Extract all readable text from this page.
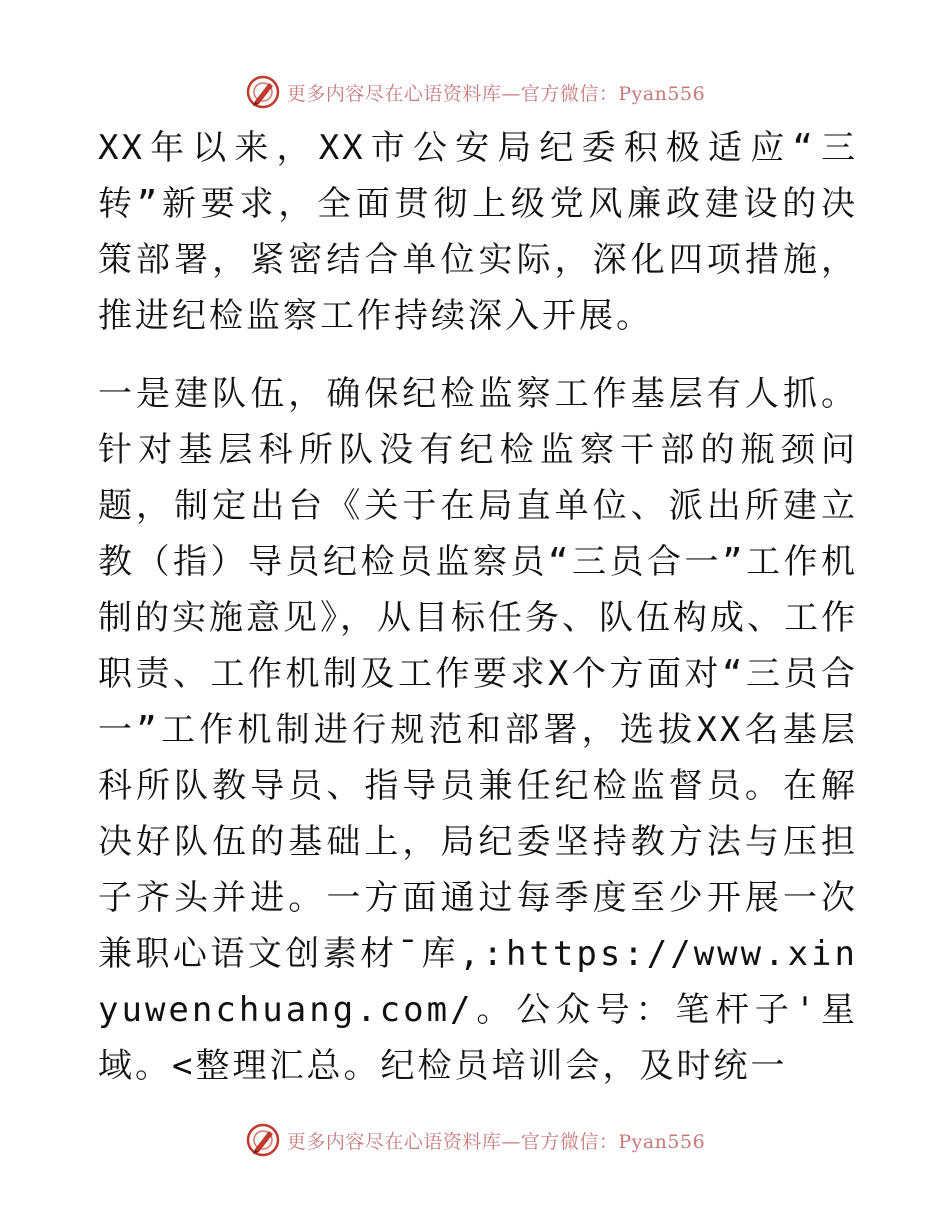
更多内容尽在心语资料库—官方微信：Pyan556

XX年以来，XX市公安局纪委积极适应“三转”新要求，全面贯彻上级党风廉政建设的决策部署，紧密结合单位实际，深化四项措施，推进纪检监察工作持续深入开展。

一是建队伍，确保纪检监察工作基层有人抓。针对基层科所队没有纪检监察干部的瓶颈问题，制定出台《关于在局直单位、派出所建立教（指）导员纪检员监察员“三员合一”工作机制的实施意见》，从目标任务、队伍构成、工作职责、工作机制及工作要求X个方面对“三员合一”工作机制进行规范和部署，选拔XX名基层科所队教导员、指导员兼任纪检监督员。在解决好队伍的基础上，局纪委坚持教方法与压担子齐头并进。一方面通过每季度至少开展一次兼职心语文创素材¯库,:https://www.xinyuwenchuang.com/。公众号：笔杆子'星域。<整理汇总。纪检员培训会，及时统一

更多内容尽在心语资料库—官方微信：Pyan556
